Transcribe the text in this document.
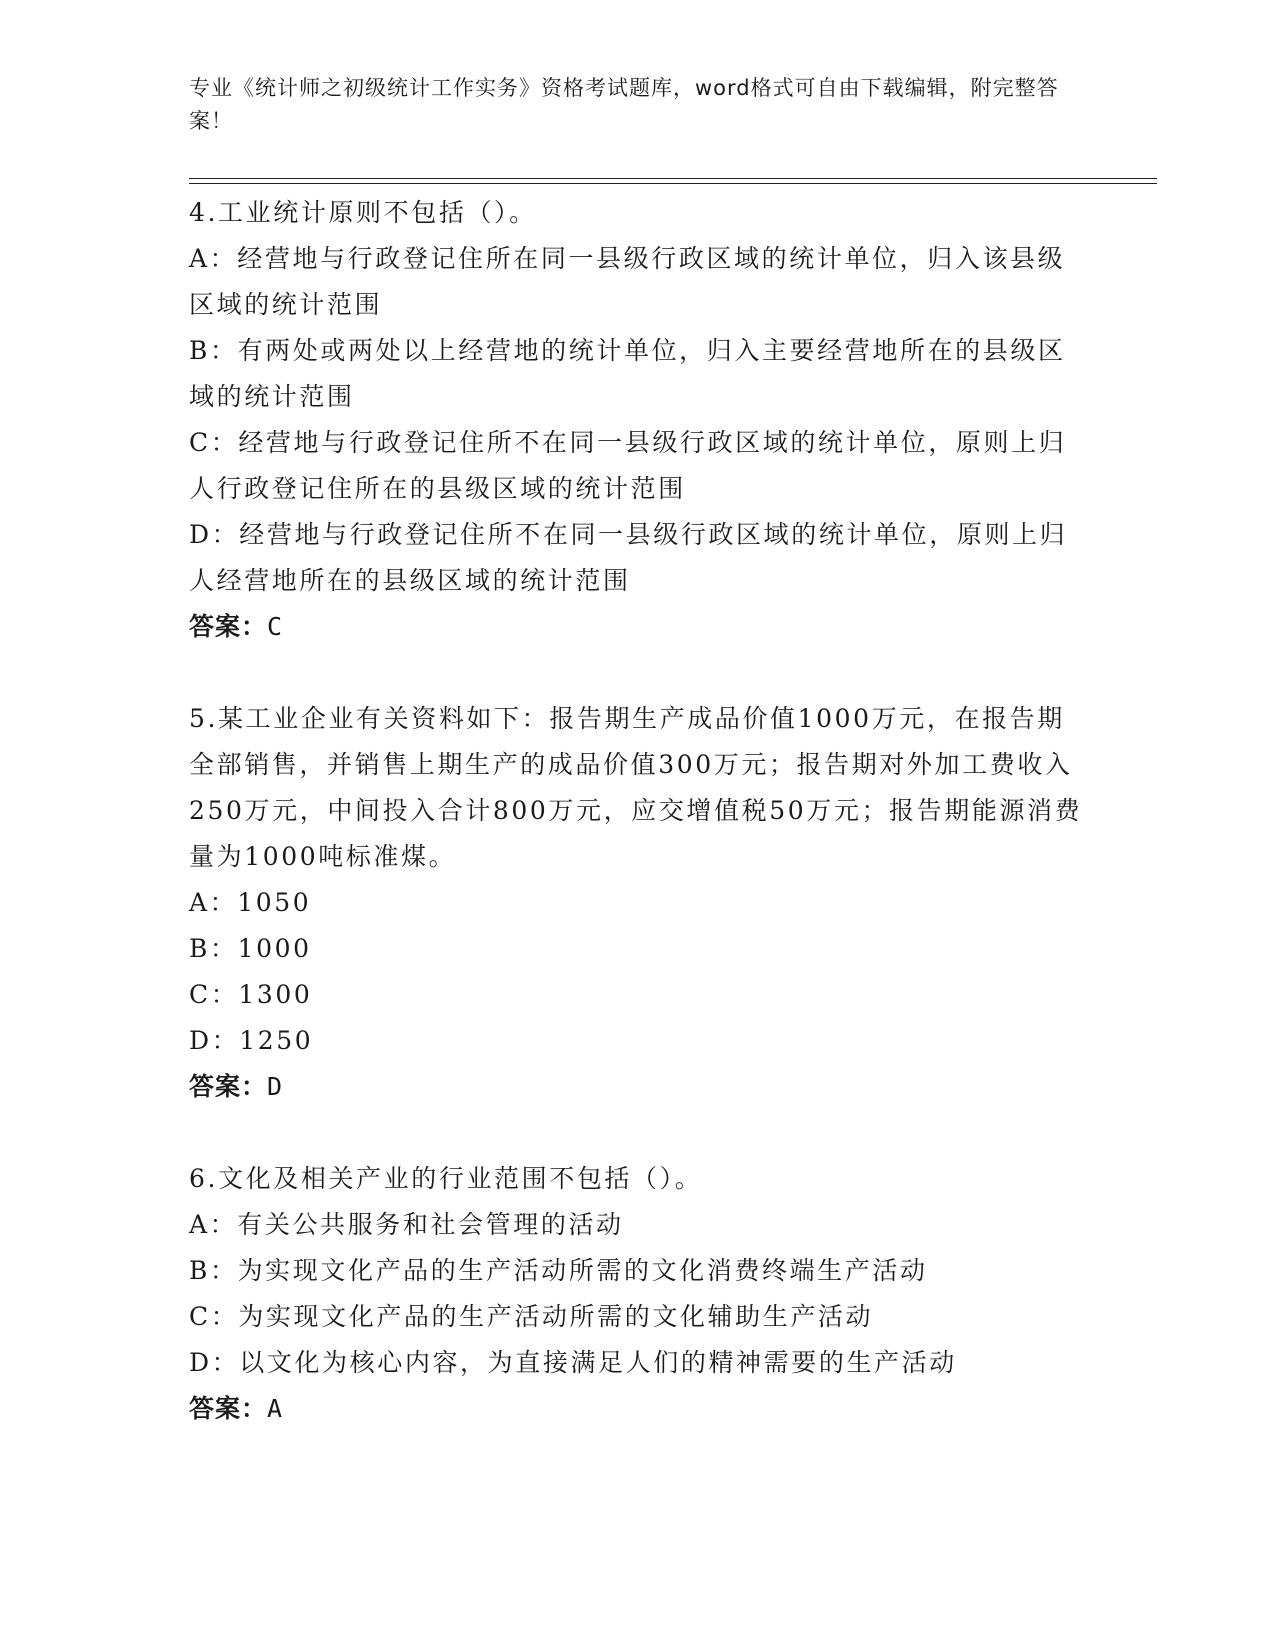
专业《统计师之初级统计工作实务》资格考试题库，word格式可自由下载编辑，附完整答案！

4.工业统计原则不包括（）。

A：经营地与行政登记住所在同一县级行政区域的统计单位，归入该县级区域的统计范围

B：有两处或两处以上经营地的统计单位，归入主要经营地所在的县级区域的统计范围

C：经营地与行政登记住所不在同一县级行政区域的统计单位，原则上归人行政登记住所在的县级区域的统计范围

D：经营地与行政登记住所不在同一县级行政区域的统计单位，原则上归人经营地所在的县级区域的统计范围

答案：C

5.某工业企业有关资料如下：报告期生产成品价值1000万元，在报告期全部销售，并销售上期生产的成品价值300万元；报告期对外加工费收入250万元，中间投入合计800万元，应交增值税50万元；报告期能源消费量为1000吨标准煤。

A：1050

B：1000

C：1300

D：1250

答案：D

6.文化及相关产业的行业范围不包括（）。

A：有关公共服务和社会管理的活动

B：为实现文化产品的生产活动所需的文化消费终端生产活动

C：为实现文化产品的生产活动所需的文化辅助生产活动

D：以文化为核心内容，为直接满足人们的精神需要的生产活动

答案：A
